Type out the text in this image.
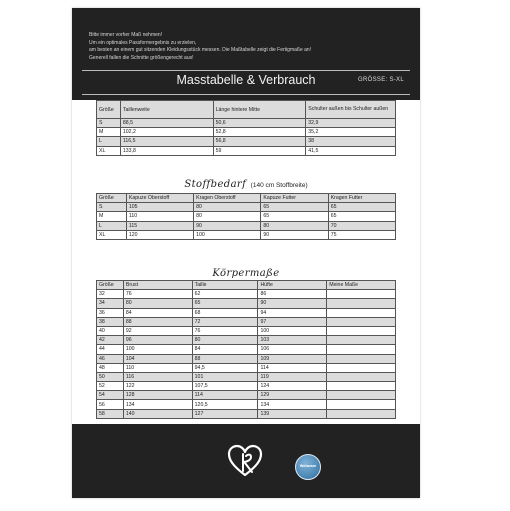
Bitte immer vorher Maß nehmen!
Um ein optimales Passformergebnis zu erzielen,
am besten an einem gut sitzenden Kleidungsstück messen. Die Maßtabelle zeigt die Fertigmaße an!
Generell fallen die Schnitte größengerecht aus!
Masstabelle & Verbrauch	GRÖSSE: S-XL
Größe	Taillenweite	Länge hintere Mitte	Schulter außen bis Schulter außen
S	88,5	50,6	32,9
M	102,2	52,8	35,2
L	116,5	56,8	38
XL	133,8	59	41,5
Stoffbedarf (140 cm Stoffbreite)
Größe	Kapuze Oberstoff	Kragen Oberstoff	Kapuze Futter	Kragen Futter
S	105	80	65	65
M	110	80	65	65
L	115	90	80	70
XL	120	100	90	75
Körpermaße
Größe	Brust	Taille	Hüfte	Meine Maße
32	76	62	86	
34	80	65	90	
36	84	68	94	
38	88	72	97	
40	92	76	100	
42	96	80	103	
44	100	84	106	
46	104	88	109	
48	110	94,5	114	
50	116	101	119	
52	122	107,5	124	
54	128	114	129	
56	134	120,5	134	
58	140	127	139	
Webware
